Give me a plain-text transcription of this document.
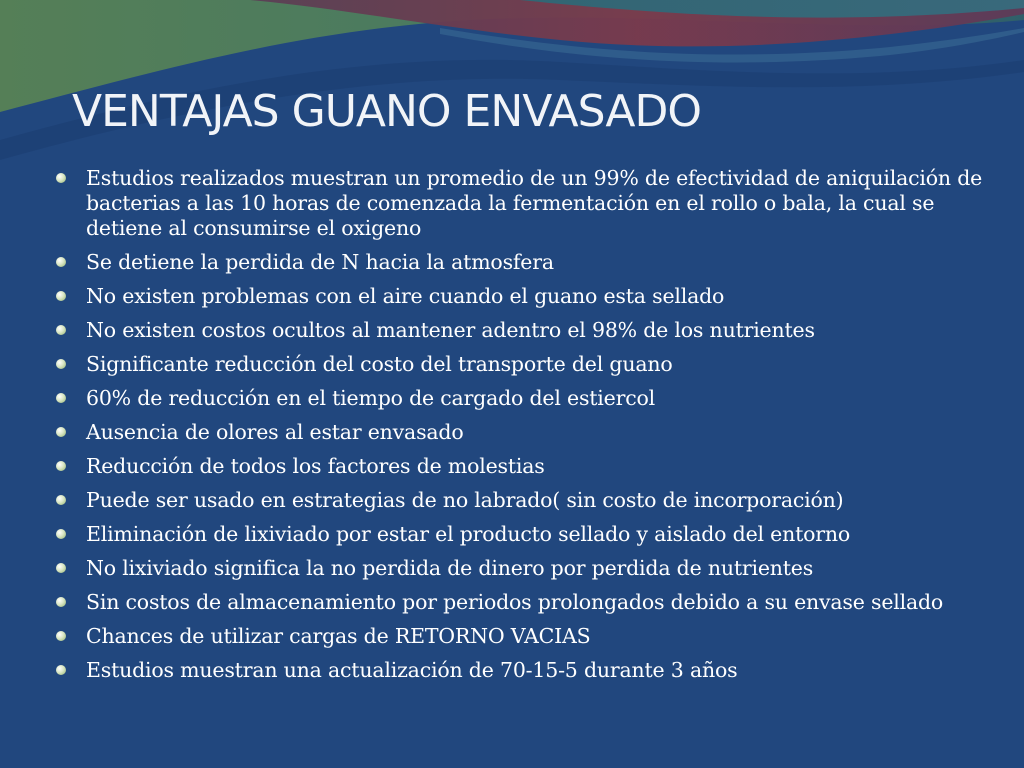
VENTAJAS GUANO ENVASADO
Estudios realizados muestran un promedio de un 99% de efectividad de aniquilación de bacterias a las 10 horas de comenzada la fermentación en el rollo o bala, la cual se detiene al consumirse el oxigeno
Se detiene la perdida de N hacia la atmosfera
No existen problemas con el aire cuando el guano esta sellado
No existen costos ocultos al mantener adentro el 98% de los nutrientes
Significante reducción del costo del transporte del guano
60% de reducción en el tiempo de cargado del estiercol
Ausencia de olores al estar envasado
Reducción de todos los factores de molestias
Puede ser usado en estrategias de no labrado( sin costo de incorporación)
Eliminación de lixiviado por estar el producto sellado y aislado del entorno
No lixiviado significa la no perdida de dinero por perdida de nutrientes
Sin costos de almacenamiento por periodos prolongados debido a su envase sellado
Chances de utilizar cargas de RETORNO VACIAS
Estudios muestran una actualización de 70-15-5 durante 3 años
